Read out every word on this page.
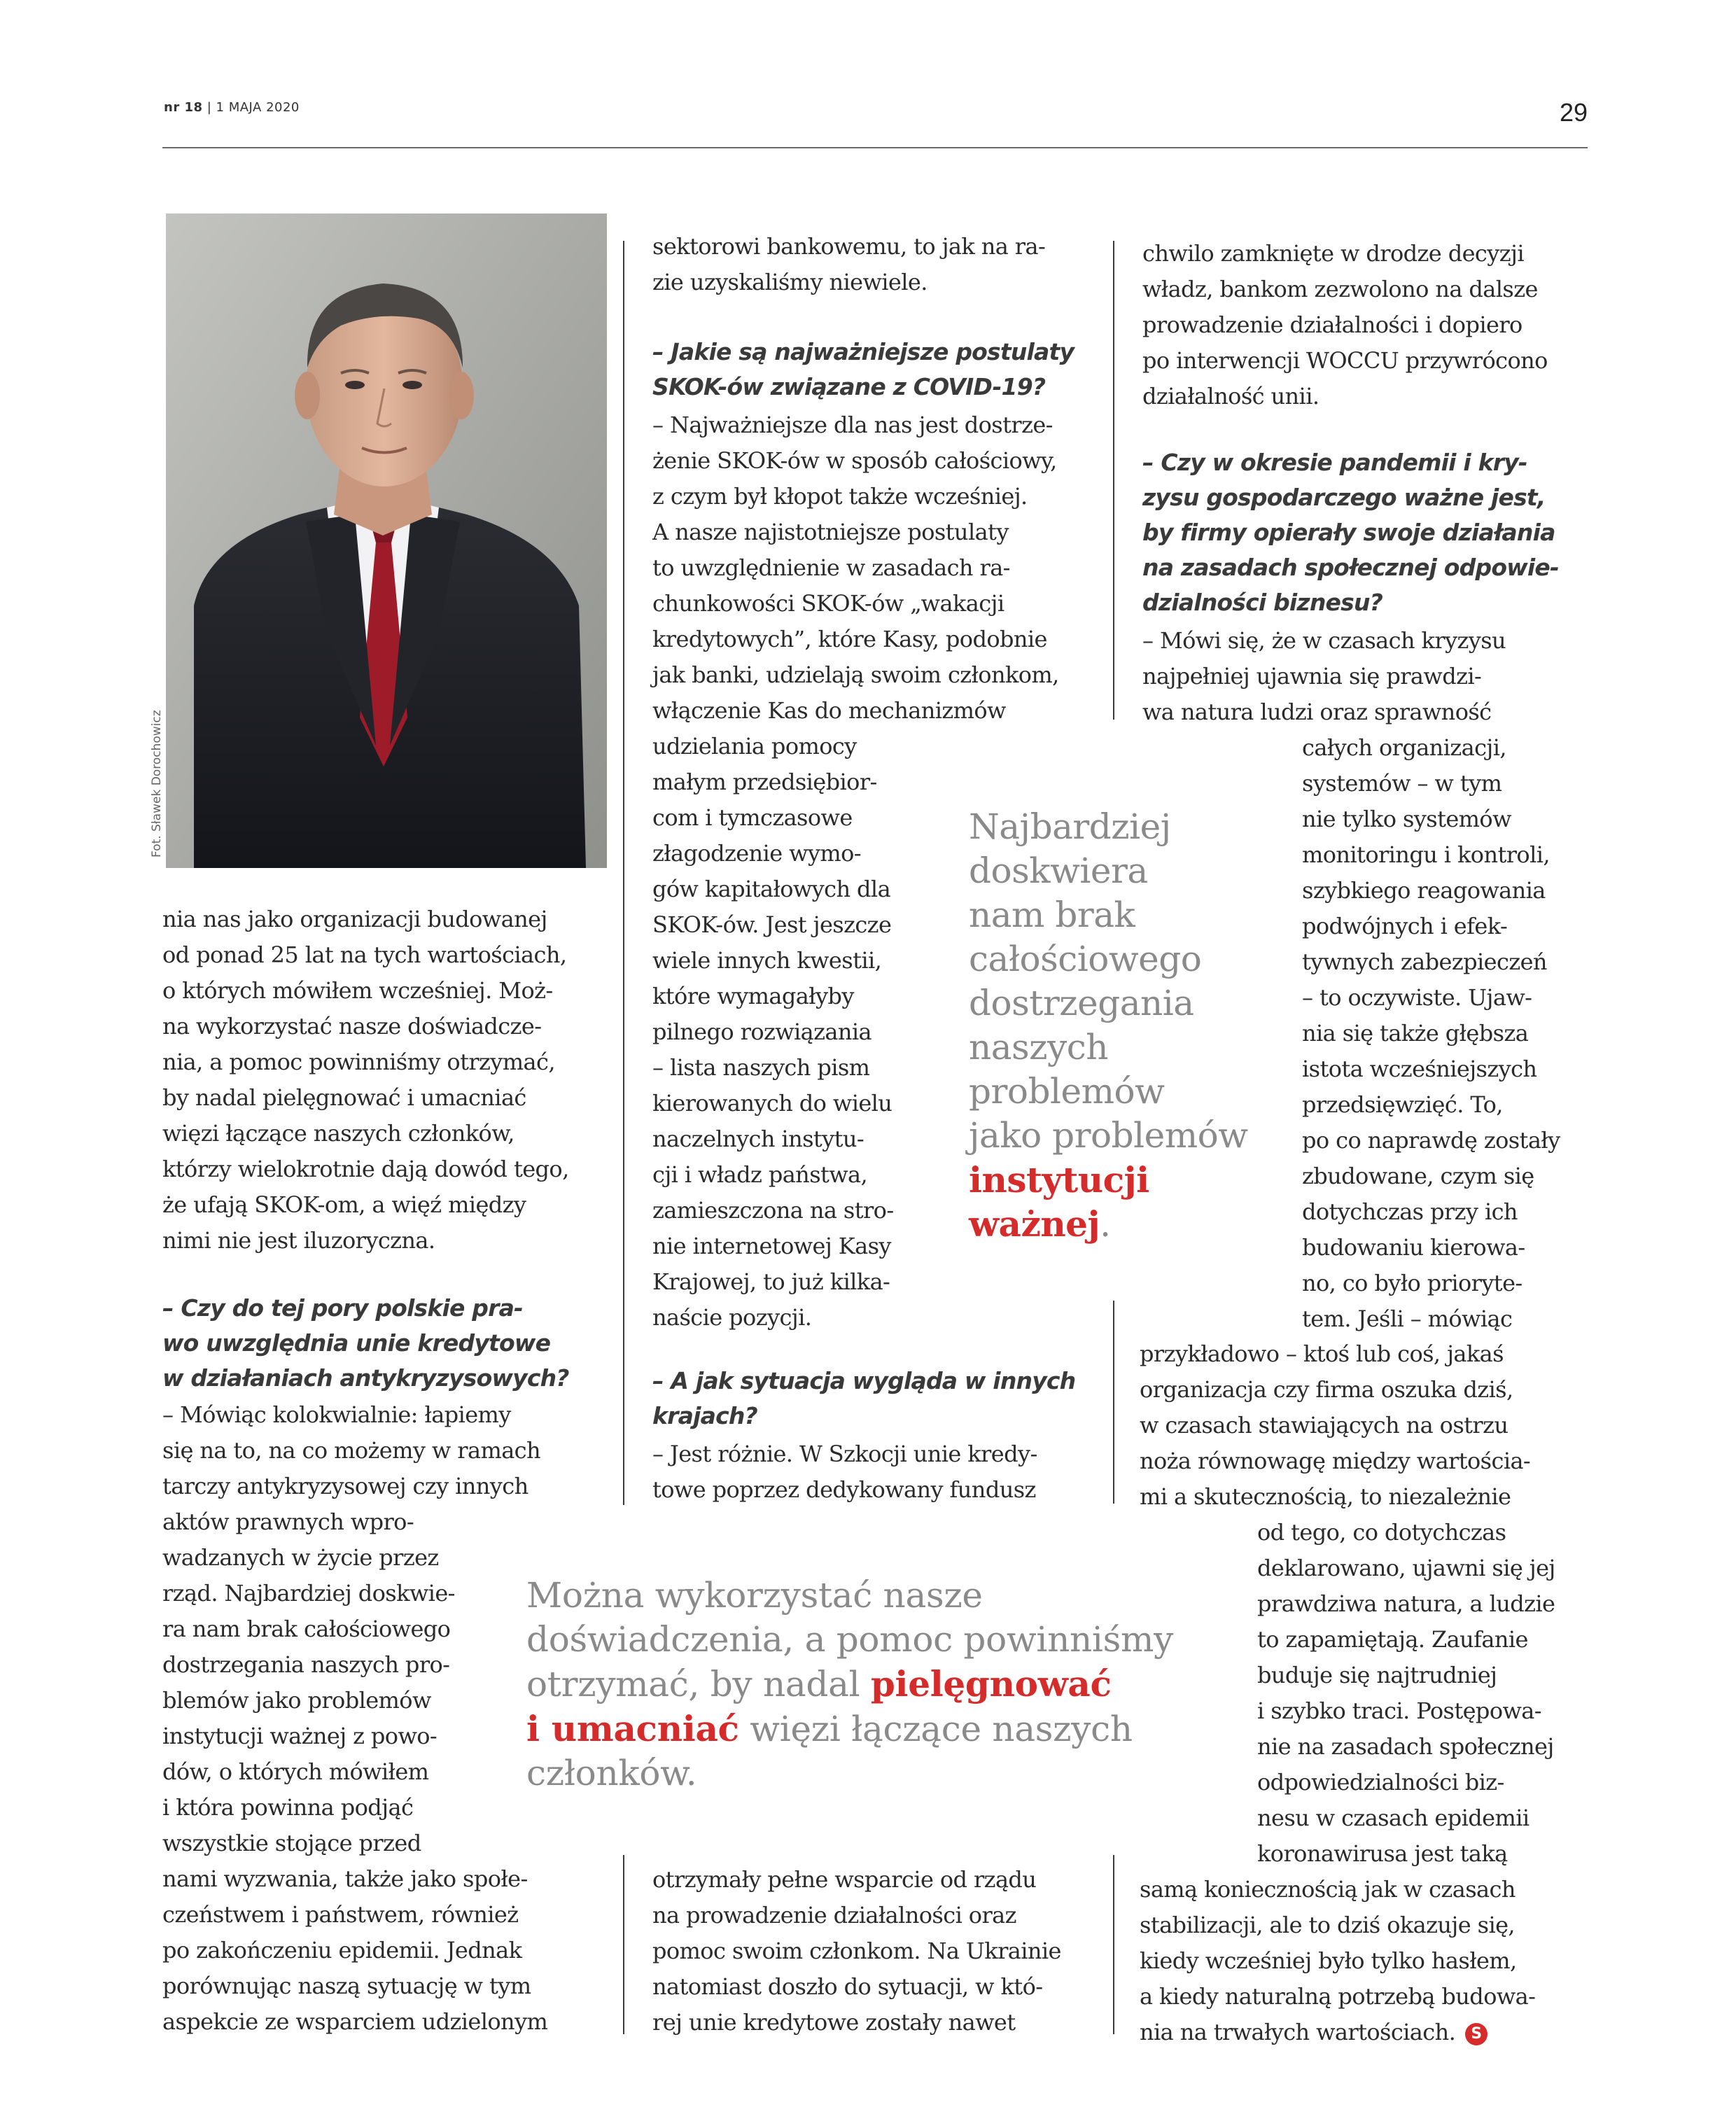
nr 18 | 1 MAJA 2020	29
Fot. Sławek Dorochowicz
nia nas jako organizacji budowanej
od ponad 25 lat na tych wartościach,
o których mówiłem wcześniej. Moż-
na wykorzystać nasze doświadcze-
nia, a pomoc powinniśmy otrzymać,
by nadal pielęgnować i umacniać
więzi łączące naszych członków,
którzy wielokrotnie dają dowód tego,
że ufają SKOK-om, a więź między
nimi nie jest iluzoryczna.
– Czy do tej pory polskie pra-
wo uwzględnia unie kredytowe
w działaniach antykryzysowych?
– Mówiąc kolokwialnie: łapiemy
się na to, na co możemy w ramach
tarczy antykryzysowej czy innych
aktów prawnych wpro-
wadzanych w życie przez
rząd. Najbardziej doskwie-
ra nam brak całościowego
dostrzegania naszych pro-
blemów jako problemów
instytucji ważnej z powo-
dów, o których mówiłem
i która powinna podjąć
wszystkie stojące przed
nami wyzwania, także jako społe-
czeństwem i państwem, również
po zakończeniu epidemii. Jednak
porównując naszą sytuację w tym
aspekcie ze wsparciem udzielonym
sektorowi bankowemu, to jak na ra-
zie uzyskaliśmy niewiele.
– Jakie są najważniejsze postulaty
SKOK-ów związane z COVID-19?
– Najważniejsze dla nas jest dostrze-
żenie SKOK-ów w sposób całościowy,
z czym był kłopot także wcześniej.
A nasze najistotniejsze postulaty
to uwzględnienie w zasadach ra-
chunkowości SKOK-ów „wakacji
kredytowych”, które Kasy, podobnie
jak banki, udzielają swoim członkom,
włączenie Kas do mechanizmów
udzielania pomocy
małym przedsiębior-
com i tymczasowe
złagodzenie wymo-
gów kapitałowych dla
SKOK-ów. Jest jeszcze
wiele innych kwestii,
które wymagałyby
pilnego rozwiązania
– lista naszych pism
kierowanych do wielu
naczelnych instytu-
cji i władz państwa,
zamieszczona na stro-
nie internetowej Kasy
Krajowej, to już kilka-
naście pozycji.
– A jak sytuacja wygląda w innych
krajach?
– Jest różnie. W Szkocji unie kredy-
towe poprzez dedykowany fundusz
otrzymały pełne wsparcie od rządu
na prowadzenie działalności oraz
pomoc swoim członkom. Na Ukrainie
natomiast doszło do sytuacji, w któ-
rej unie kredytowe zostały nawet
chwilo zamknięte w drodze decyzji
władz, bankom zezwolono na dalsze
prowadzenie działalności i dopiero
po interwencji WOCCU przywrócono
działalność unii.
– Czy w okresie pandemii i kry-
zysu gospodarczego ważne jest,
by firmy opierały swoje działania
na zasadach społecznej odpowie-
dzialności biznesu?
– Mówi się, że w czasach kryzysu
najpełniej ujawnia się prawdzi-
wa natura ludzi oraz sprawność
całych organizacji,
systemów – w tym
nie tylko systemów
monitoringu i kontroli,
szybkiego reagowania
podwójnych i efek-
tywnych zabezpieczeń
– to oczywiste. Ujaw-
nia się także głębsza
istota wcześniejszych
przedsięwzięć. To,
po co naprawdę zostały
zbudowane, czym się
dotychczas przy ich
budowaniu kierowa-
no, co było prioryte-
tem. Jeśli – mówiąc
przykładowo – ktoś lub coś, jakaś
organizacja czy firma oszuka dziś,
w czasach stawiających na ostrzu
noża równowagę między wartościa-
mi a skutecznością, to niezależnie
od tego, co dotychczas
deklarowano, ujawni się jej
prawdziwa natura, a ludzie
to zapamiętają. Zaufanie
buduje się najtrudniej
i szybko traci. Postępowa-
nie na zasadach społecznej
odpowiedzialności biz-
nesu w czasach epidemii
koronawirusa jest taką
samą koniecznością jak w czasach
stabilizacji, ale to dziś okazuje się,
kiedy wcześniej było tylko hasłem,
a kiedy naturalną potrzebą budowa-
nia na trwałych wartościach. S
Najbardziej
doskwiera
nam brak
całościowego
dostrzegania
naszych
problemów
jako problemów
instytucji
ważnej.
Można wykorzystać nasze
doświadczenia, a pomoc powinniśmy
otrzymać, by nadal pielęgnować
i umacniać więzi łączące naszych
członków.
